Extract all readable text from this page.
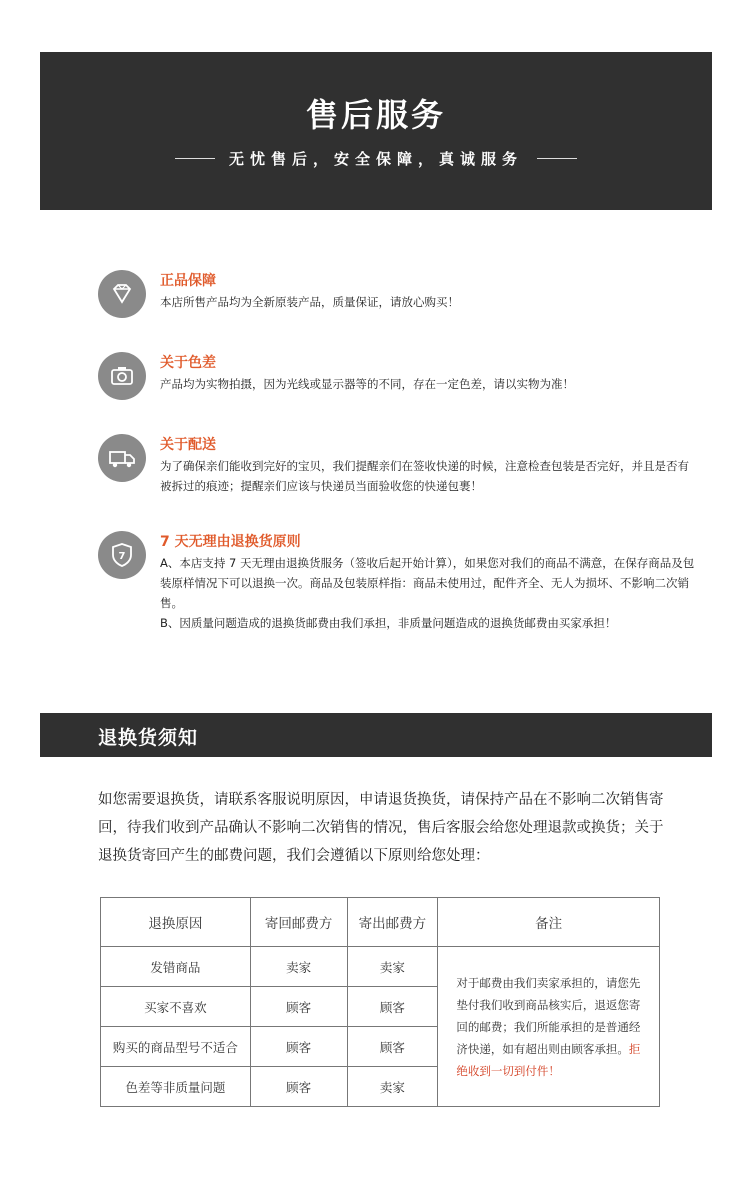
售后服务
无忧售后，安全保障，真诚服务
正品保障
本店所售产品均为全新原装产品，质量保证，请放心购买！
关于色差
产品均为实物拍摄，因为光线或显示器等的不同，存在一定色差，请以实物为准！
关于配送
为了确保亲们能收到完好的宝贝，我们提醒亲们在签收快递的时候，注意检查包装是否完好，并且是否有被拆过的痕迹；提醒亲们应该与快递员当面验收您的快递包裹！
7
7 天无理由退换货原则
A、本店支持 7 天无理由退换货服务（签收后起开始计算），如果您对我们的商品不满意，在保存商品及包装原样情况下可以退换一次。商品及包装原样指：商品未使用过，配件齐全、无人为损坏、不影响二次销售。
B、因质量问题造成的退换货邮费由我们承担，非质量问题造成的退换货邮费由买家承担！
退换货须知
如您需要退换货，请联系客服说明原因，申请退货换货，请保持产品在不影响二次销售寄回，待我们收到产品确认不影响二次销售的情况，售后客服会给您处理退款或换货；关于退换货寄回产生的邮费问题，我们会遵循以下原则给您处理：
退换原因	寄回邮费方	寄出邮费方	备注
发错商品	卖家	卖家	对于邮费由我们卖家承担的，请您先垫付我们收到商品核实后，退返您寄回的邮费；我们所能承担的是普通经济快递，如有超出则由顾客承担。拒绝收到一切到付件！
买家不喜欢	顾客	顾客	
购买的商品型号不适合	顾客	顾客	
色差等非质量问题	顾客	卖家	
